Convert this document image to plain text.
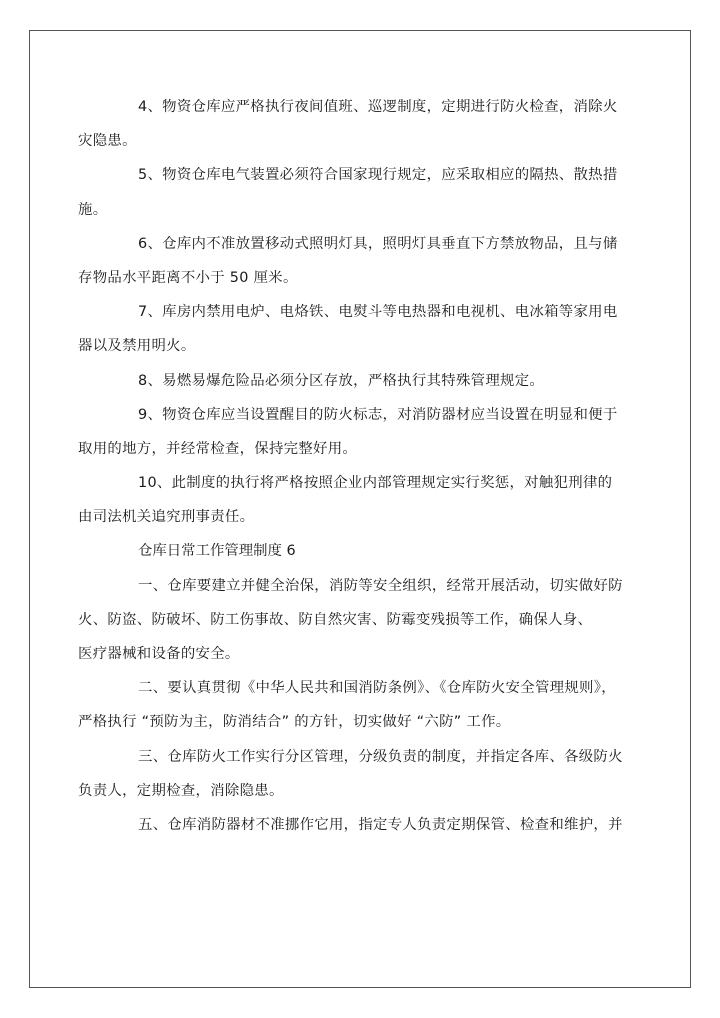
4、物资仓库应严格执行夜间值班、巡逻制度，定期进行防火检查，消除火
灾隐患。
5、物资仓库电气装置必须符合国家现行规定，应采取相应的隔热、散热措
施。
6、仓库内不准放置移动式照明灯具，照明灯具垂直下方禁放物品，且与储
存物品水平距离不小于 50 厘米。
7、库房内禁用电炉、电烙铁、电熨斗等电热器和电视机、电冰箱等家用电
器以及禁用明火。
8、易燃易爆危险品必须分区存放，严格执行其特殊管理规定。
9、物资仓库应当设置醒目的防火标志，对消防器材应当设置在明显和便于
取用的地方，并经常检查，保持完整好用。
10、此制度的执行将严格按照企业内部管理规定实行奖惩，对触犯刑律的
由司法机关追究刑事责任。
仓库日常工作管理制度 6
一、仓库要建立并健全治保，消防等安全组织，经常开展活动，切实做好防
火、防盗、防破坏、防工伤事故、防自然灾害、防霉变残损等工作，确保人身、
医疗器械和设备的安全。
二、要认真贯彻《中华人民共和国消防条例》、《仓库防火安全管理规则》，
严格执行 “预防为主，防消结合” 的方针，切实做好 “六防” 工作。
三、仓库防火工作实行分区管理，分级负责的制度，并指定各库、各级防火
负责人，定期检查，消除隐患。
五、仓库消防器材不准挪作它用，指定专人负责定期保管、检查和维护，并
